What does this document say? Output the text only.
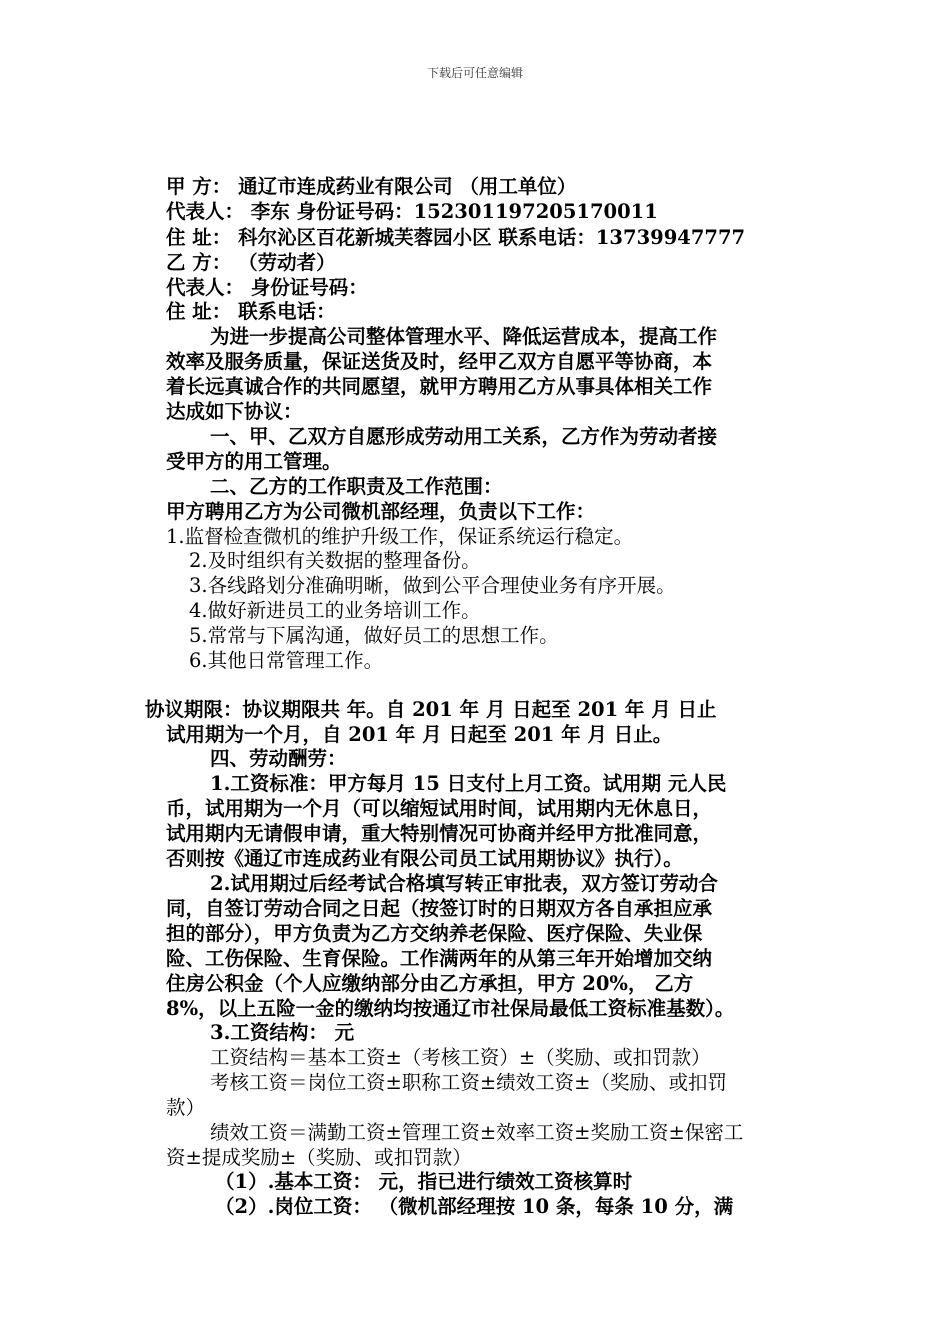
下载后可任意编辑
甲 方： 通辽市连成药业有限公司 （用工单位）
代表人： 李东 身份证号码：152301197205170011
住 址： 科尔沁区百花新城芙蓉园小区 联系电话：13739947777
乙 方： （劳动者）
代表人： 身份证号码：
住 址： 联系电话：
为进一步提高公司整体管理水平、降低运营成本，提高工作
效率及服务质量，保证送货及时，经甲乙双方自愿平等协商，本
着长远真诚合作的共同愿望，就甲方聘用乙方从事具体相关工作
达成如下协议：
一、甲、乙双方自愿形成劳动用工关系，乙方作为劳动者接
受甲方的用工管理。
二、乙方的工作职责及工作范围：
甲方聘用乙方为公司微机部经理，负责以下工作：
1.监督检查微机的维护升级工作，保证系统运行稳定。
2.及时组织有关数据的整理备份。
3.各线路划分准确明晰，做到公平合理使业务有序开展。
4.做好新进员工的业务培训工作。
5.常常与下属沟通，做好员工的思想工作。
6.其他日常管理工作。
协议期限：协议期限共 年。自 201 年 月 日起至 201 年 月 日止
试用期为一个月，自 201 年 月 日起至 201 年 月 日止。
四、劳动酬劳：
1.工资标准：甲方每月 15 日支付上月工资。试用期 元人民
币，试用期为一个月（可以缩短试用时间，试用期内无休息日，
试用期内无请假申请，重大特别情况可协商并经甲方批准同意，
否则按《通辽市连成药业有限公司员工试用期协议》执行）。
2.试用期过后经考试合格填写转正审批表，双方签订劳动合
同，自签订劳动合同之日起（按签订时的日期双方各自承担应承
担的部分），甲方负责为乙方交纳养老保险、医疗保险、失业保
险、工伤保险、生育保险。工作满两年的从第三年开始增加交纳
住房公积金（个人应缴纳部分由乙方承担，甲方 20%， 乙方
8%，以上五险一金的缴纳均按通辽市社保局最低工资标准基数）。
3.工资结构： 元
工资结构＝基本工资±（考核工资）±（奖励、或扣罚款）
考核工资＝岗位工资±职称工资±绩效工资±（奖励、或扣罚
款）
绩效工资＝满勤工资±管理工资±效率工资±奖励工资±保密工
资±提成奖励±（奖励、或扣罚款）
（1）.基本工资： 元，指已进行绩效工资核算时
（2）.岗位工资： （微机部经理按 10 条，每条 10 分，满
